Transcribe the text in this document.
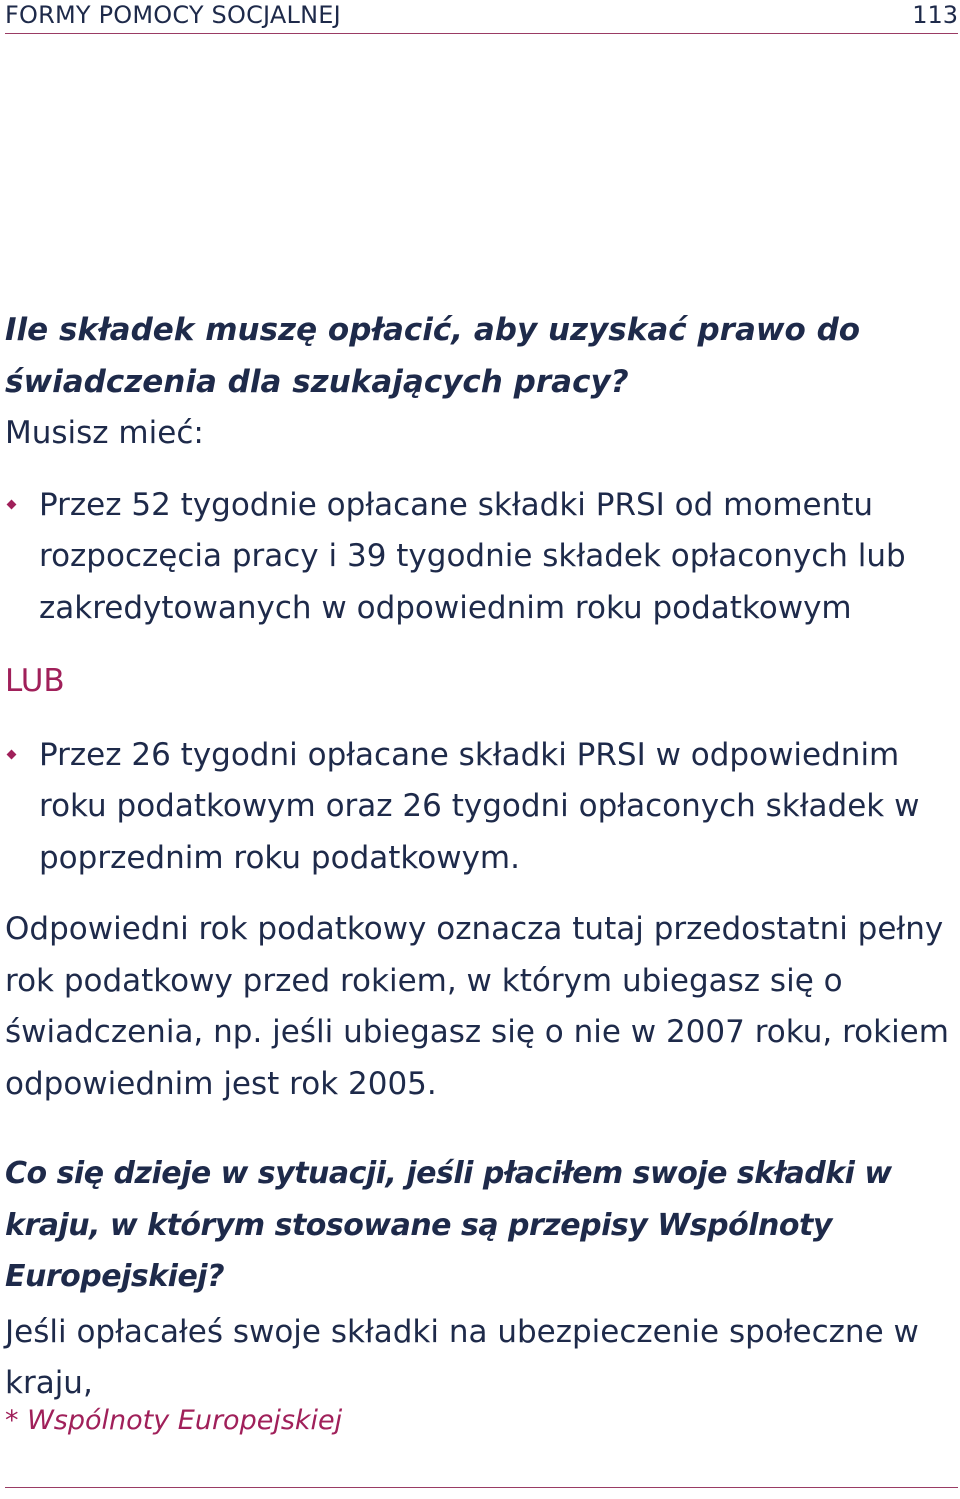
FORMY POMOCY SOCJALNEJ	113

Ile składek muszę opłacić, aby uzyskać prawo do świadczenia dla szukających pracy?

Musisz mieć:

Przez 52 tygodnie opłacane składki PRSI od momentu rozpoczęcia pracy i 39 tygodnie składek opłaconych lub zakredytowanych w odpowiednim roku podatkowym
LUB
Przez 26 tygodni opłacane składki PRSI w odpowiednim roku podatkowym oraz 26 tygodni opłaconych składek w poprzednim roku podatkowym.

Odpowiedni rok podatkowy oznacza tutaj przedostatni pełny rok podatkowy przed rokiem, w którym ubiegasz się o świadczenia, np. jeśli ubiegasz się o nie w 2007 roku, rokiem odpowiednim jest rok 2005.

Co się dzieje w sytuacji, jeśli płaciłem swoje składki w kraju, w którym stosowane są przepisy Wspólnoty Europejskiej?

Jeśli opłacałeś swoje składki na ubezpieczenie społeczne w kraju,

* Wspólnoty Europejskiej
